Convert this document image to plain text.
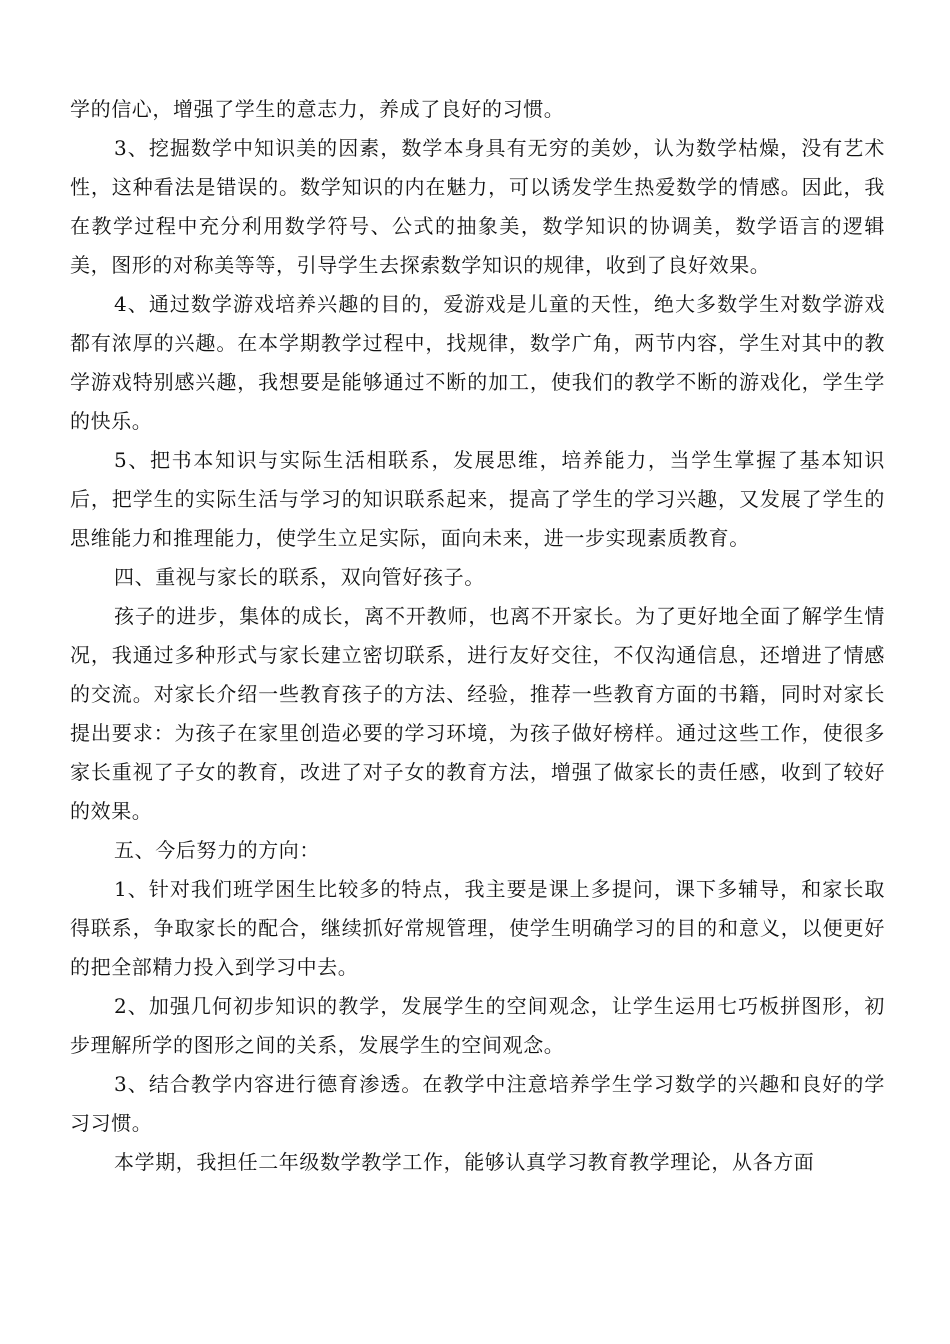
学的信心，增强了学生的意志力，养成了良好的习惯。

3、挖掘数学中知识美的因素，数学本身具有无穷的美妙，认为数学枯燥，没有艺术性，这种看法是错误的。数学知识的内在魅力，可以诱发学生热爱数学的情感。因此，我在教学过程中充分利用数学符号、公式的抽象美，数学知识的协调美，数学语言的逻辑美，图形的对称美等等，引导学生去探索数学知识的规律，收到了良好效果。

4、通过数学游戏培养兴趣的目的，爱游戏是儿童的天性，绝大多数学生对数学游戏都有浓厚的兴趣。在本学期教学过程中，找规律，数学广角，两节内容，学生对其中的教学游戏特别感兴趣，我想要是能够通过不断的加工，使我们的教学不断的游戏化，学生学的快乐。

5、把书本知识与实际生活相联系，发展思维，培养能力，当学生掌握了基本知识后，把学生的实际生活与学习的知识联系起来，提高了学生的学习兴趣，又发展了学生的思维能力和推理能力，使学生立足实际，面向未来，进一步实现素质教育。

四、重视与家长的联系，双向管好孩子。

孩子的进步，集体的成长，离不开教师，也离不开家长。为了更好地全面了解学生情况，我通过多种形式与家长建立密切联系，进行友好交往，不仅沟通信息，还增进了情感的交流。对家长介绍一些教育孩子的方法、经验，推荐一些教育方面的书籍，同时对家长提出要求：为孩子在家里创造必要的学习环境，为孩子做好榜样。通过这些工作，使很多家长重视了子女的教育，改进了对子女的教育方法，增强了做家长的责任感，收到了较好的效果。

五、今后努力的方向：

1、针对我们班学困生比较多的特点，我主要是课上多提问，课下多辅导，和家长取得联系，争取家长的配合，继续抓好常规管理，使学生明确学习的目的和意义，以便更好的把全部精力投入到学习中去。

2、加强几何初步知识的教学，发展学生的空间观念，让学生运用七巧板拼图形，初步理解所学的图形之间的关系，发展学生的空间观念。

3、结合教学内容进行德育渗透。在教学中注意培养学生学习数学的兴趣和良好的学习习惯。

本学期，我担任二年级数学教学工作，能够认真学习教育教学理论，从各方面
